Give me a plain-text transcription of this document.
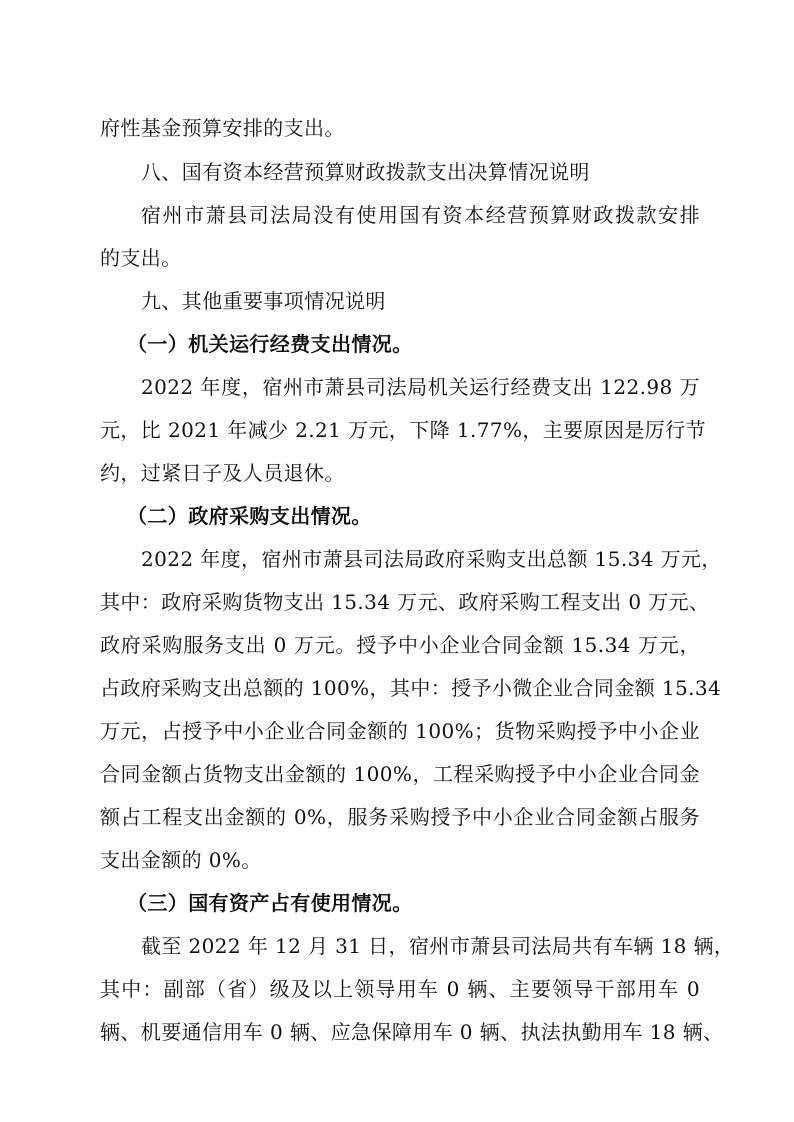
府性基金预算安排的支出。
八、国有资本经营预算财政拨款支出决算情况说明
宿州市萧县司法局没有使用国有资本经营预算财政拨款安排
的支出。
九、其他重要事项情况说明
（一）机关运行经费支出情况。
2022 年度，宿州市萧县司法局机关运行经费支出 122.98 万
元，比 2021 年减少 2.21 万元，下降 1.77%，主要原因是厉行节
约，过紧日子及人员退休。
（二）政府采购支出情况。
2022 年度，宿州市萧县司法局政府采购支出总额 15.34 万元，
其中：政府采购货物支出 15.34 万元、政府采购工程支出 0 万元、
政府采购服务支出 0 万元。授予中小企业合同金额 15.34 万元，
占政府采购支出总额的 100%，其中：授予小微企业合同金额 15.34
万元，占授予中小企业合同金额的 100%；货物采购授予中小企业
合同金额占货物支出金额的 100%，工程采购授予中小企业合同金
额占工程支出金额的 0%，服务采购授予中小企业合同金额占服务
支出金额的 0%。
（三）国有资产占有使用情况。
截至 2022 年 12 月 31 日，宿州市萧县司法局共有车辆 18 辆，
其中：副部（省）级及以上领导用车 0 辆、主要领导干部用车 0
辆、机要通信用车 0 辆、应急保障用车 0 辆、执法执勤用车 18 辆、
